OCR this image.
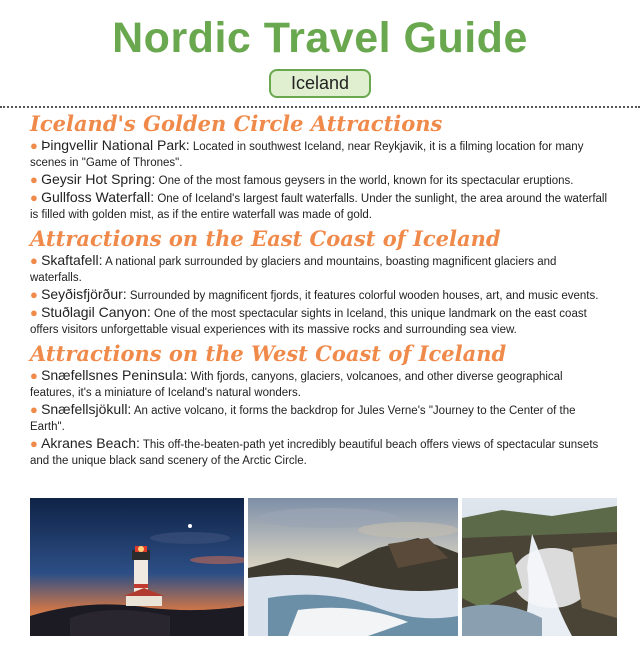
Nordic Travel Guide
Iceland
Iceland's Golden Circle Attractions

● Þingvellir National Park: Located in southwest Iceland, near Reykjavik, it is a filming location for many scenes in "Game of Thrones".

● Geysir Hot Spring: One of the most famous geysers in the world, known for its spectacular eruptions.

● Gullfoss Waterfall: One of Iceland's largest fault waterfalls. Under the sunlight, the area around the waterfall is filled with golden mist, as if the entire waterfall was made of gold.

Attractions on the East Coast of Iceland

● Skaftafell: A national park surrounded by glaciers and mountains, boasting magnificent glaciers and waterfalls.

● Seyðisfjörður: Surrounded by magnificent fjords, it features colorful wooden houses, art, and music events.

● Stuðlagil Canyon: One of the most spectacular sights in Iceland, this unique landmark on the east coast offers visitors unforgettable visual experiences with its massive rocks and surrounding sea view.

Attractions on the West Coast of Iceland

● Snæfellsnes Peninsula: With fjords, canyons, glaciers, volcanoes, and other diverse geographical features, it's a miniature of Iceland's natural wonders.

● Snæfellsjökull: An active volcano, it forms the backdrop for Jules Verne's "Journey to the Center of the Earth".

● Akranes Beach: This off-the-beaten-path yet incredibly beautiful beach offers views of spectacular sunsets and the unique black sand scenery of the Arctic Circle.
